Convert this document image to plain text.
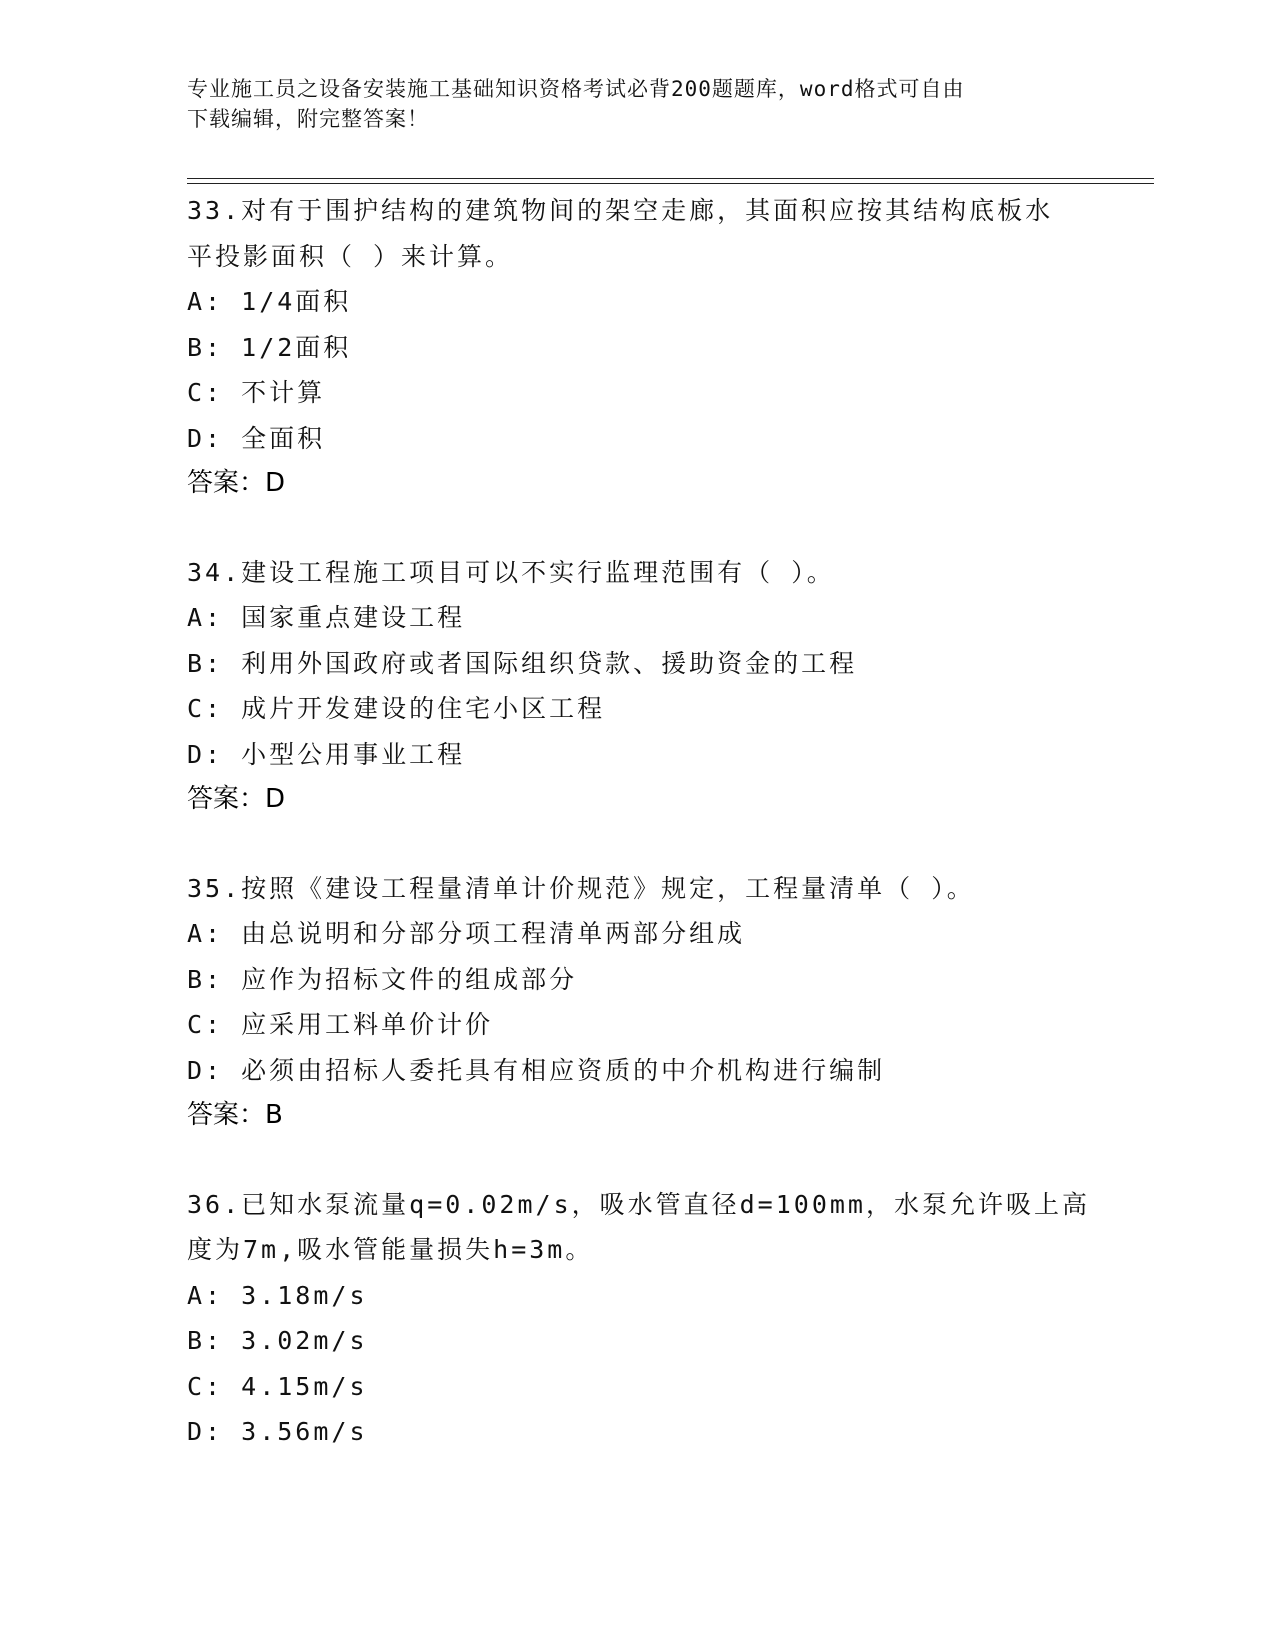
专业施工员之设备安装施工基础知识资格考试必背200题题库，word格式可自由
下载编辑，附完整答案！
33.对有于围护结构的建筑物间的架空走廊，其面积应按其结构底板水
平投影面积（ ）来计算。
A: 1/4面积
B: 1/2面积
C: 不计算
D: 全面积
答案：D
34.建设工程施工项目可以不实行监理范围有（ ）。
A: 国家重点建设工程
B: 利用外国政府或者国际组织贷款、援助资金的工程
C: 成片开发建设的住宅小区工程
D: 小型公用事业工程
答案：D
35.按照《建设工程量清单计价规范》规定，工程量清单（ ）。
A: 由总说明和分部分项工程清单两部分组成
B: 应作为招标文件的组成部分
C: 应采用工料单价计价
D: 必须由招标人委托具有相应资质的中介机构进行编制
答案：B
36.已知水泵流量q=0.02m/s，吸水管直径d=100mm，水泵允许吸上高
度为7m,吸水管能量损失h=3m。
A: 3.18m/s
B: 3.02m/s
C: 4.15m/s
D: 3.56m/s
